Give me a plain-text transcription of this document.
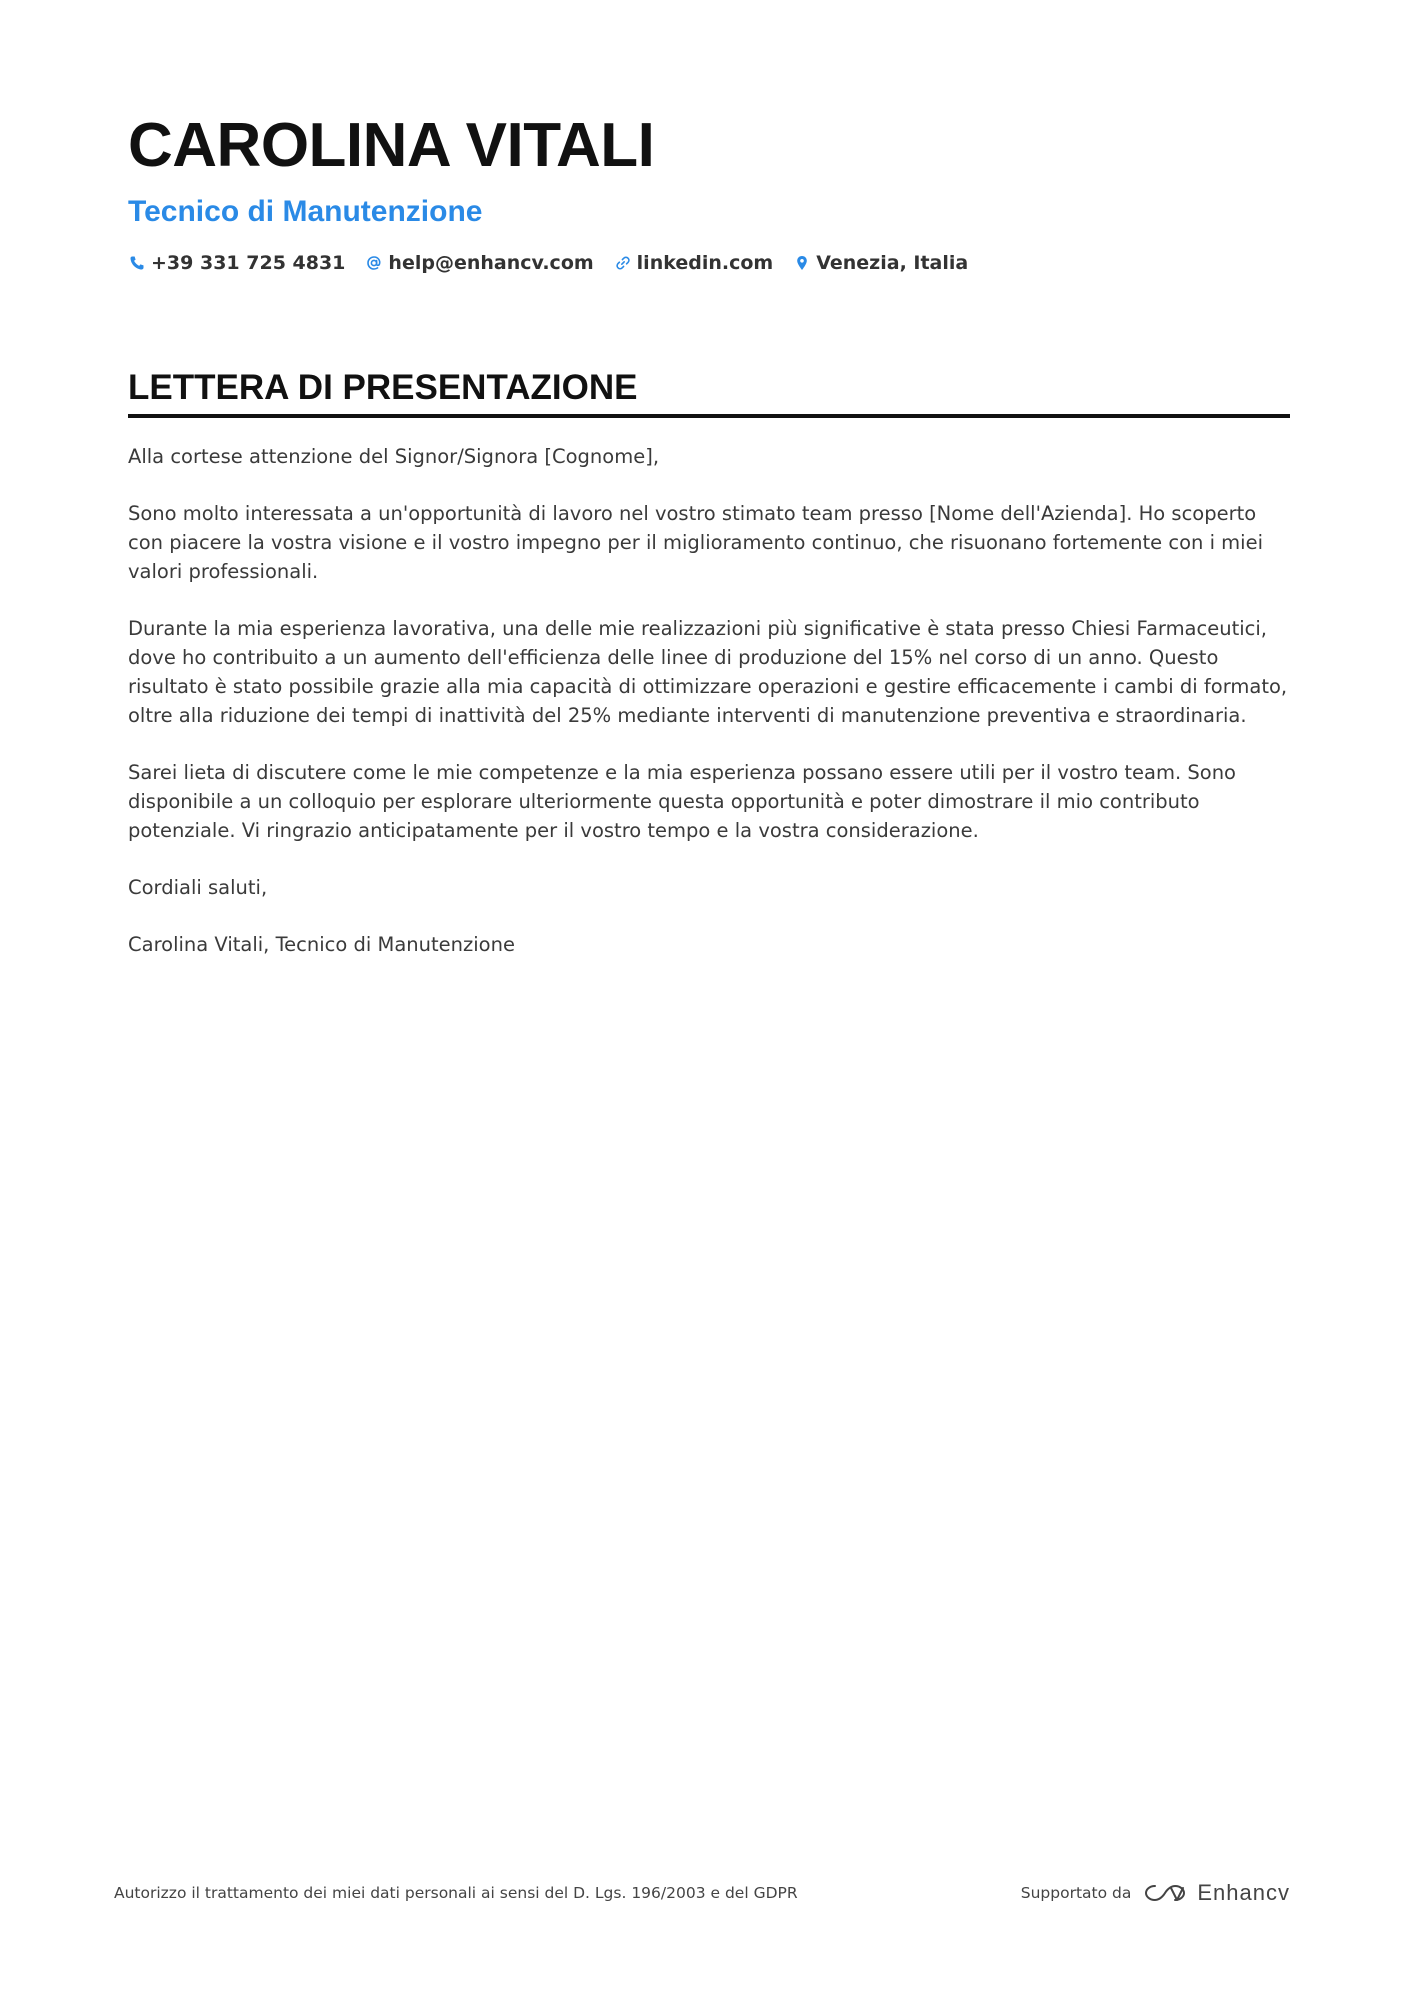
CAROLINA VITALI
Tecnico di Manutenzione
+39 331 725 4831 help@enhancv.com linkedin.com Venezia, Italia
LETTERA DI PRESENTAZIONE

Alla cortese attenzione del Signor/Signora [Cognome],

Sono molto interessata a un'opportunità di lavoro nel vostro stimato team presso [Nome dell'Azienda]. Ho scoperto con piacere la vostra visione e il vostro impegno per il miglioramento continuo, che risuonano fortemente con i miei valori professionali.

Durante la mia esperienza lavorativa, una delle mie realizzazioni più significative è stata presso Chiesi Farmaceutici, dove ho contribuito a un aumento dell'efficienza delle linee di produzione del 15% nel corso di un anno. Questo risultato è stato possibile grazie alla mia capacità di ottimizzare operazioni e gestire efficacemente i cambi di formato, oltre alla riduzione dei tempi di inattività del 25% mediante interventi di manutenzione preventiva e straordinaria.

Sarei lieta di discutere come le mie competenze e la mia esperienza possano essere utili per il vostro team. Sono disponibile a un colloquio per esplorare ulteriormente questa opportunità e poter dimostrare il mio contributo potenziale. Vi ringrazio anticipatamente per il vostro tempo e la vostra considerazione.

Cordiali saluti,

Carolina Vitali, Tecnico di Manutenzione

Autorizzo il trattamento dei miei dati personali ai sensi del D. Lgs. 196/2003 e del GDPR	Supportato da	Enhancv
